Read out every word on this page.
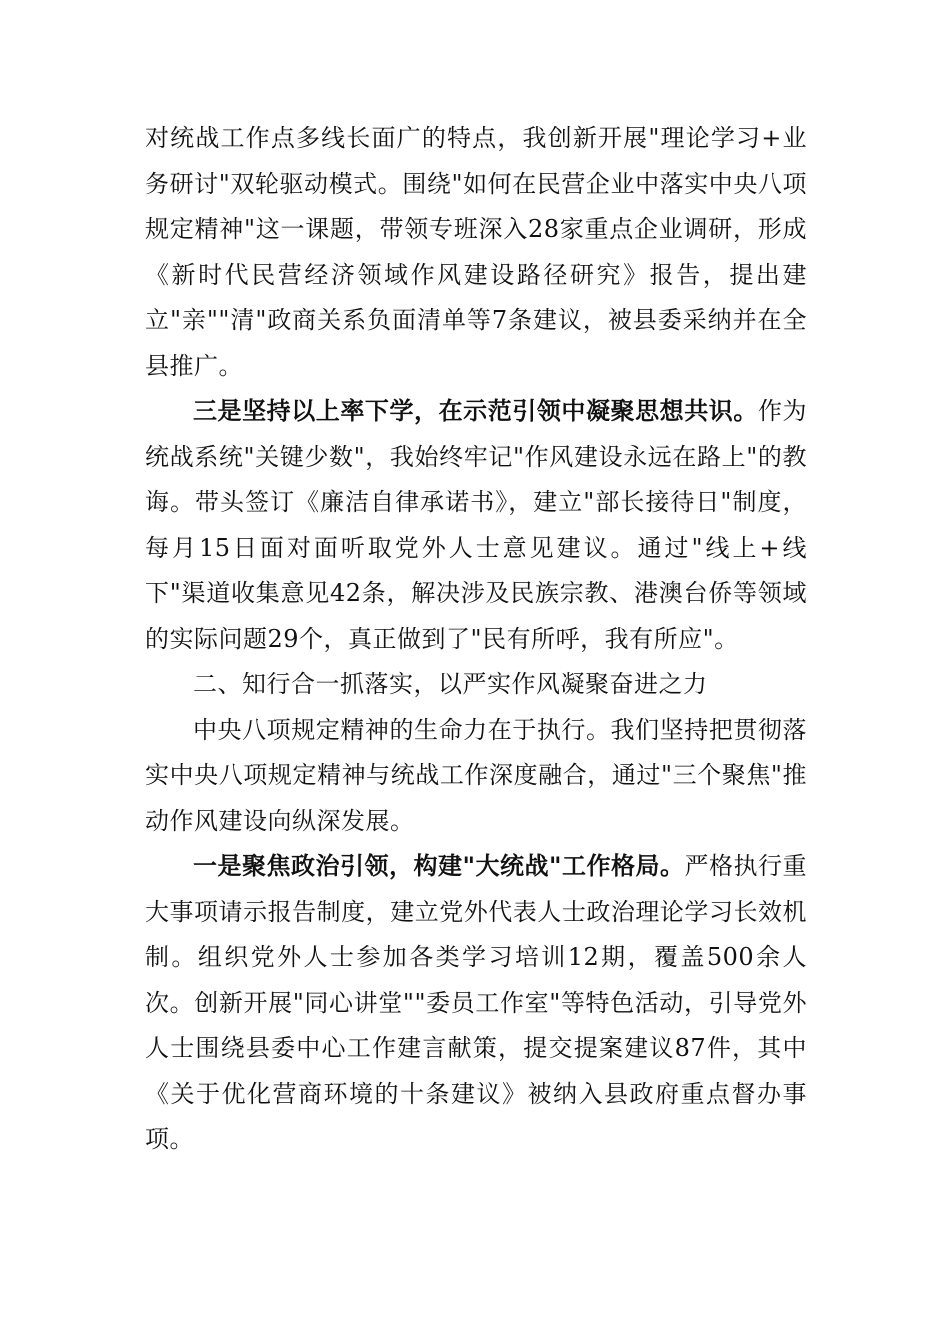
对统战工作点多线长面广的特点，我创新开展"理论学习+业务研讨"双轮驱动模式。围绕"如何在民营企业中落实中央八项规定精神"这一课题，带领专班深入28家重点企业调研，形成《新时代民营经济领域作风建设路径研究》报告，提出建立"亲""清"政商关系负面清单等7条建议，被县委采纳并在全县推广。

三是坚持以上率下学，在示范引领中凝聚思想共识。作为统战系统"关键少数"，我始终牢记"作风建设永远在路上"的教诲。带头签订《廉洁自律承诺书》，建立"部长接待日"制度，每月15日面对面听取党外人士意见建议。通过"线上+线下"渠道收集意见42条，解决涉及民族宗教、港澳台侨等领域的实际问题29个，真正做到了"民有所呼，我有所应"。

二、知行合一抓落实，以严实作风凝聚奋进之力

中央八项规定精神的生命力在于执行。我们坚持把贯彻落实中央八项规定精神与统战工作深度融合，通过"三个聚焦"推动作风建设向纵深发展。

一是聚焦政治引领，构建"大统战"工作格局。严格执行重大事项请示报告制度，建立党外代表人士政治理论学习长效机制。组织党外人士参加各类学习培训12期，覆盖500余人次。创新开展"同心讲堂""委员工作室"等特色活动，引导党外人士围绕县委中心工作建言献策，提交提案建议87件，其中《关于优化营商环境的十条建议》被纳入县政府重点督办事项。
